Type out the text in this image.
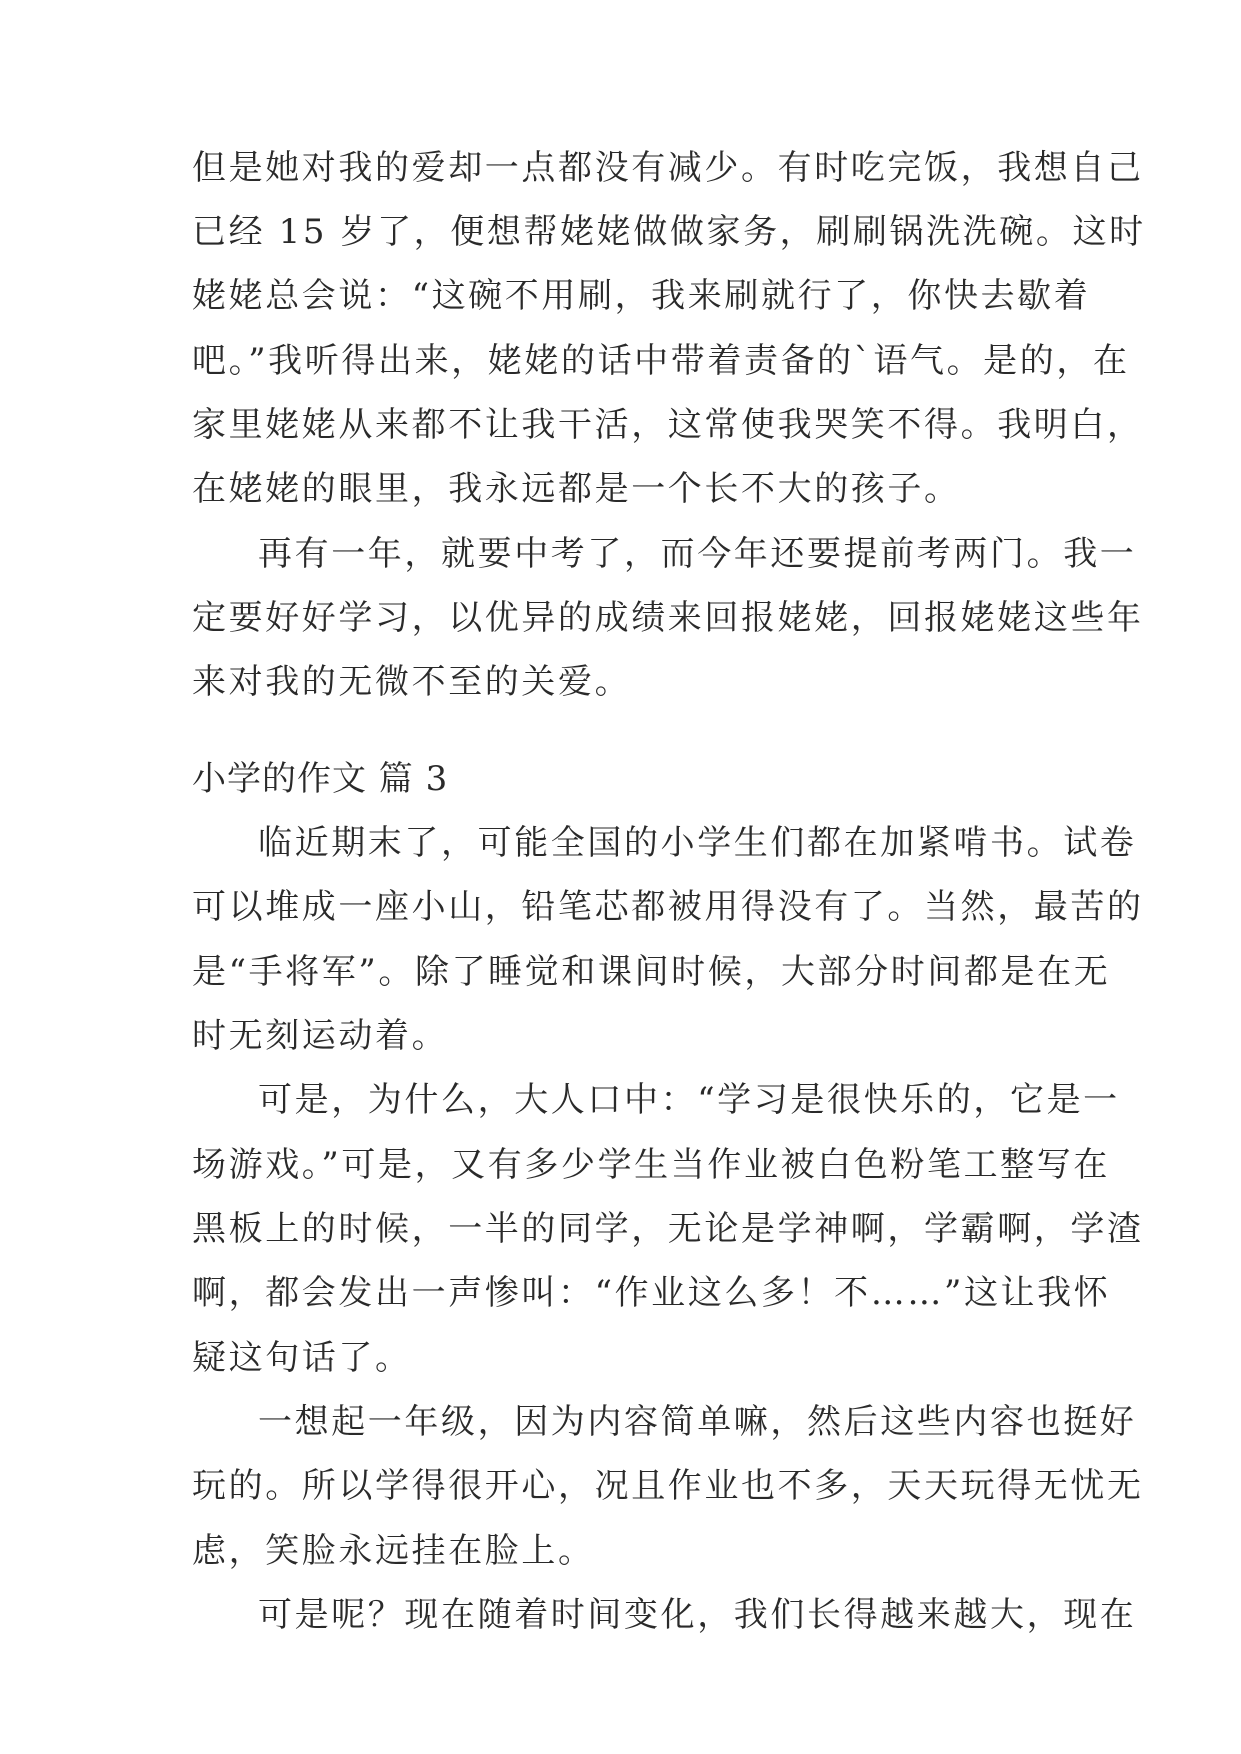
但是她对我的爱却一点都没有减少。有时吃完饭，我想自己
已经 15 岁了，便想帮姥姥做做家务，刷刷锅洗洗碗。这时
姥姥总会说：“这碗不用刷，我来刷就行了，你快去歇着
吧。”我听得出来，姥姥的话中带着责备的`语气。是的，在
家里姥姥从来都不让我干活，这常使我哭笑不得。我明白，
在姥姥的眼里，我永远都是一个长不大的孩子。
再有一年，就要中考了，而今年还要提前考两门。我一
定要好好学习，以优异的成绩来回报姥姥，回报姥姥这些年
来对我的无微不至的关爱。
小学的作文 篇 3
临近期末了，可能全国的小学生们都在加紧啃书。试卷
可以堆成一座小山，铅笔芯都被用得没有了。当然，最苦的
是“手将军”。除了睡觉和课间时候，大部分时间都是在无
时无刻运动着。
可是，为什么，大人口中：“学习是很快乐的，它是一
场游戏。”可是，又有多少学生当作业被白色粉笔工整写在
黑板上的时候，一半的同学，无论是学神啊，学霸啊，学渣
啊，都会发出一声惨叫：“作业这么多！不……”这让我怀
疑这句话了。
一想起一年级，因为内容简单嘛，然后这些内容也挺好
玩的。所以学得很开心，况且作业也不多，天天玩得无忧无
虑，笑脸永远挂在脸上。
可是呢？现在随着时间变化，我们长得越来越大，现在
